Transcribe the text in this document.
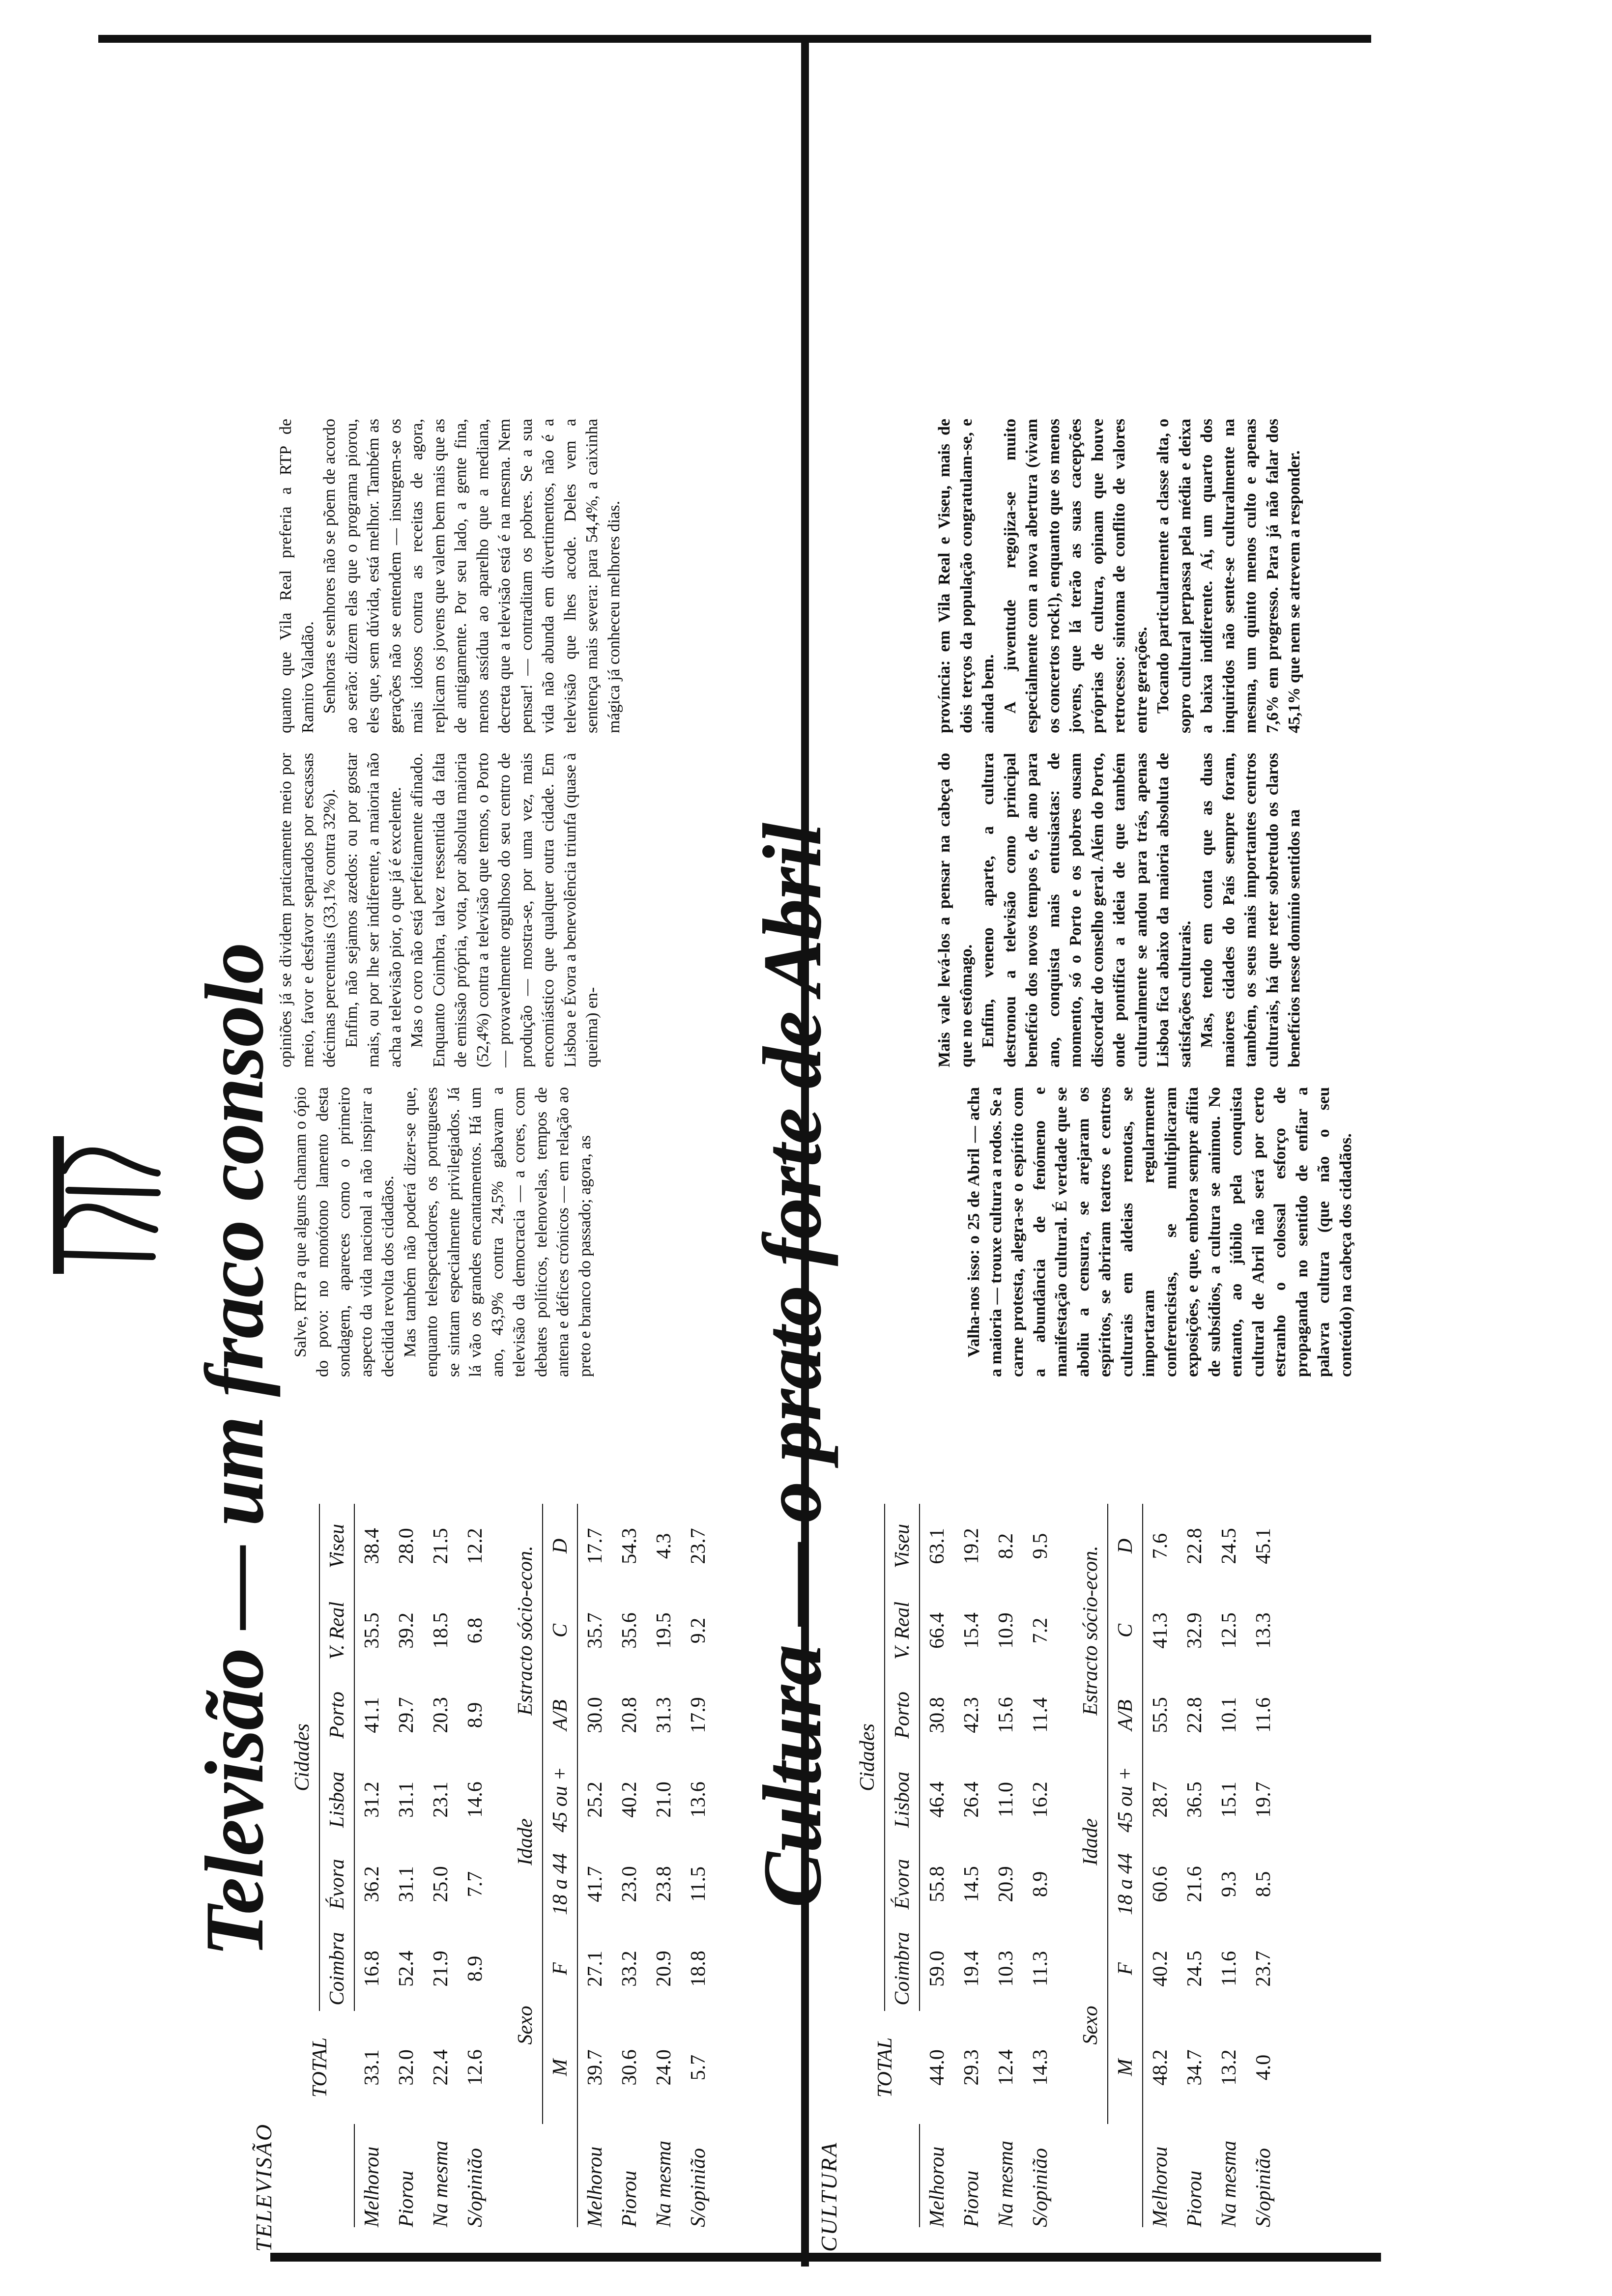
TELEVISÃO
Televisão — um fraco consolo
	TOTAL	Cidades						
		Coimbra	Évora	Lisboa	Porto	V. Real	Viseu	
Melhorou	33.1	16.8	36.2	31.2	41.1	35.5	38.4	
Piorou	32.0	52.4	31.1	31.1	29.7	39.2	28.0	
Na mesma	22.4	21.9	25.0	23.1	20.3	18.5	21.5	
S/opinião	12.6	8.9	7.7	14.6	8.9	6.8	12.2	

	Sexo		Idade		Estracto sócio-econ.			
	M	F	18 a 44	45 ou +	A/B	C	D	
Melhorou	39.7	27.1	41.7	25.2	30.0	35.7	17.7	
Piorou	30.6	33.2	23.0	40.2	20.8	35.6	54.3	
Na mesma	24.0	20.9	23.8	21.0	31.3	19.5	4.3	
S/opinião	5.7	18.8	11.5	13.6	17.9	9.2	23.7	

Salve, RTP a que alguns chamam o ópio do povo: no monótono lamento desta sondagem, apareces como o primeiro aspecto da vida nacional a não inspirar a decidida revolta dos cidadãos. Mas também não poderá dizer-se que, enquanto telespectadores, os portugueses se sintam especialmente privilegiados. Já lá vão os grandes encantamentos. Há um ano, 43,9% contra 24,5% gabavam a televisão da democracia — a cores, com debates políticos, telenovelas, tempos de antena e défices crónicos — em relação ao preto e branco do passado; agora, as

opiniões já se dividem praticamente meio por meio, favor e desfavor separados por escassas décimas percentuais (33,1% contra 32%). Enfim, não sejamos azedos: ou por gostar mais, ou por lhe ser indiferente, a maioria não acha a televisão pior, o que já é excelente. Mas o coro não está perfeitamente afinado. Enquanto Coimbra, talvez ressentida da falta de emissão própria, vota, por absoluta maioria (52,4%) contra a televisão que temos, o Porto — provavelmente orgulhoso do seu centro de produção — mostra-se, por uma vez, mais encomiástico que qualquer outra cidade. Em Lisboa e Évora a benevolência triunfa (quase à queima) en-

quanto que Vila Real preferia a RTP de Ramiro Valadão. Senhoras e senhores não se põem de acordo ao serão: dizem elas que o programa piorou, eles que, sem dúvida, está melhor. Também as gerações não se entendem — insurgem-se os mais idosos contra as receitas de agora, replicam os jovens que valem bem mais que as de antigamente. Por seu lado, a gente fina, menos assídua ao aparelho que a mediana, decreta que a televisão está é na mesma. Nem pensar! — contraditam os pobres. Se a sua vida não abunda em divertimentos, não é a televisão que lhes acode. Deles vem a sentença mais severa: para 54,4%, a caixinha mágica já conheceu melhores dias.

CULTURA
Cultura — o prato forte de Abril
	TOTAL	Cidades						
		Coimbra	Évora	Lisboa	Porto	V. Real	Viseu	
Melhorou	44.0	59.0	55.8	46.4	30.8	66.4	63.1	
Piorou	29.3	19.4	14.5	26.4	42.3	15.4	19.2	
Na mesma	12.4	10.3	20.9	11.0	15.6	10.9	8.2	
S/opinião	14.3	11.3	8.9	16.2	11.4	7.2	9.5	

	Sexo		Idade		Estracto sócio-econ.			
	M	F	18 a 44	45 ou +	A/B	C	D	
Melhorou	48.2	40.2	60.6	28.7	55.5	41.3	7.6	
Piorou	34.7	24.5	21.6	36.5	22.8	32.9	22.8	
Na mesma	13.2	11.6	9.3	15.1	10.1	12.5	24.5	
S/opinião	4.0	23.7	8.5	19.7	11.6	13.3	45.1	

Valha-nos isso: o 25 de Abril — acha a maioria — trouxe cultura a rodos. Se a carne protesta, alegra-se o espírito com a abundância de fenómeno e manifestação cultural. É verdade que se aboliu a censura, se arejaram os espíritos, se abriram teatros e centros culturais em aldeias remotas, se importaram regularmente conferencistas, se multiplicaram exposições, e que, embora sempre afiita de subsídios, a cultura se animou. No entanto, ao júbilo pela conquista cultural de Abril não será por certo estranho o colossal esforço de propaganda no sentido de enfiar a palavra cultura (que não o seu conteúdo) na cabeça dos cidadãos.

Mais vale levá-los a pensar na cabeça do que no estômago. Enfim, veneno aparte, a cultura destronou a televisão como principal benefício dos novos tempos e, de ano para ano, conquista mais entusiastas: de momento, só o Porto e os pobres ousam discordar do conselho geral. Além do Porto, onde pontifica a ideia de que também culturalmente se andou para trás, apenas Lisboa fica abaixo da maioria absoluta de satisfações culturais. Mas, tendo em conta que as duas maiores cidades do País sempre foram, também, os seus mais importantes centros culturais, há que reter sobretudo os claros benefícios nesse domínio sentidos na

província: em Vila Real e Viseu, mais de dois terços da população congratulam-se, e ainda bem. A juventude regojiza-se muito especialmente com a nova abertura (vivam os concertos rock!), enquanto que os menos jovens, que lá terão as suas cacepções próprias de cultura, opinam que houve retrocesso: sintoma de conflito de valores entre gerações. Tocando particularmente a classe alta, o sopro cultural perpassa pela média e deixa a baixa indiferente. Aí, um quarto dos inquiridos não sente-se culturalmente na mesma, um quinto menos culto e apenas 7,6% em progresso. Para já não falar dos 45,1% que nem se atrevem a responder.
